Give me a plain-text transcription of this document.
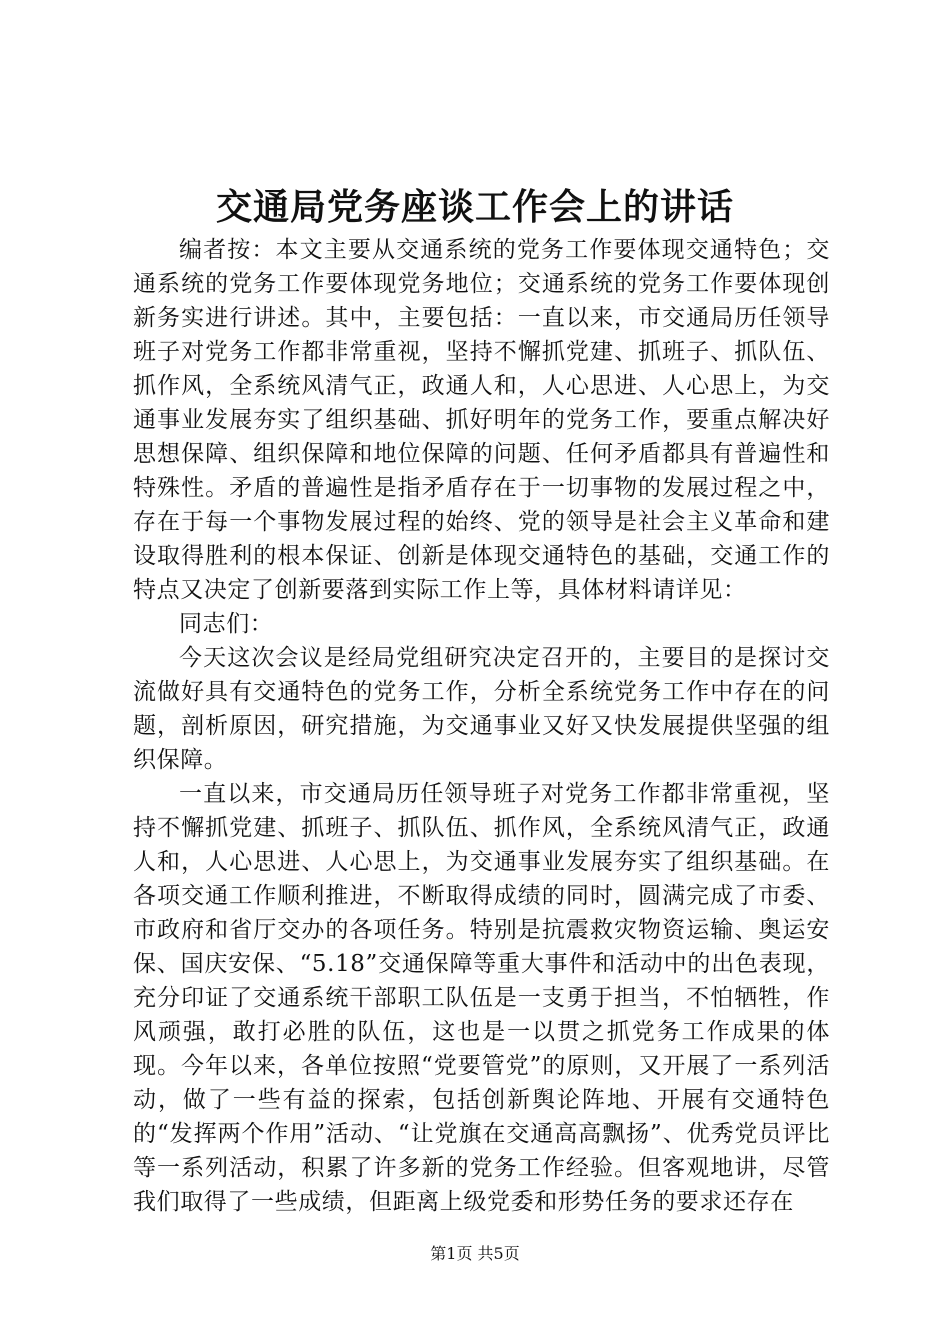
交通局党务座谈工作会上的讲话

编者按：本文主要从交通系统的党务工作要体现交通特色；交通系统的党务工作要体现党务地位；交通系统的党务工作要体现创新务实进行讲述。其中，主要包括：一直以来，市交通局历任领导班子对党务工作都非常重视，坚持不懈抓党建、抓班子、抓队伍、抓作风，全系统风清气正，政通人和，人心思进、人心思上，为交通事业发展夯实了组织基础、抓好明年的党务工作，要重点解决好思想保障、组织保障和地位保障的问题、任何矛盾都具有普遍性和特殊性。矛盾的普遍性是指矛盾存在于一切事物的发展过程之中，存在于每一个事物发展过程的始终、党的领导是社会主义革命和建设取得胜利的根本保证、创新是体现交通特色的基础，交通工作的特点又决定了创新要落到实际工作上等，具体材料请详见：

同志们：

今天这次会议是经局党组研究决定召开的，主要目的是探讨交流做好具有交通特色的党务工作，分析全系统党务工作中存在的问题，剖析原因，研究措施，为交通事业又好又快发展提供坚强的组织保障。

一直以来，市交通局历任领导班子对党务工作都非常重视，坚持不懈抓党建、抓班子、抓队伍、抓作风，全系统风清气正，政通人和，人心思进、人心思上，为交通事业发展夯实了组织基础。在各项交通工作顺利推进，不断取得成绩的同时，圆满完成了市委、市政府和省厅交办的各项任务。特别是抗震救灾物资运输、奥运安保、国庆安保、“5.18”交通保障等重大事件和活动中的出色表现，充分印证了交通系统干部职工队伍是一支勇于担当，不怕牺牲，作风顽强，敢打必胜的队伍，这也是一以贯之抓党务工作成果的体现。今年以来，各单位按照“党要管党”的原则，又开展了一系列活动，做了一些有益的探索，包括创新舆论阵地、开展有交通特色的“发挥两个作用”活动、“让党旗在交通高高飘扬”、优秀党员评比等一系列活动，积累了许多新的党务工作经验。但客观地讲，尽管我们取得了一些成绩，但距离上级党委和形势任务的要求还存在

第1页 共5页
